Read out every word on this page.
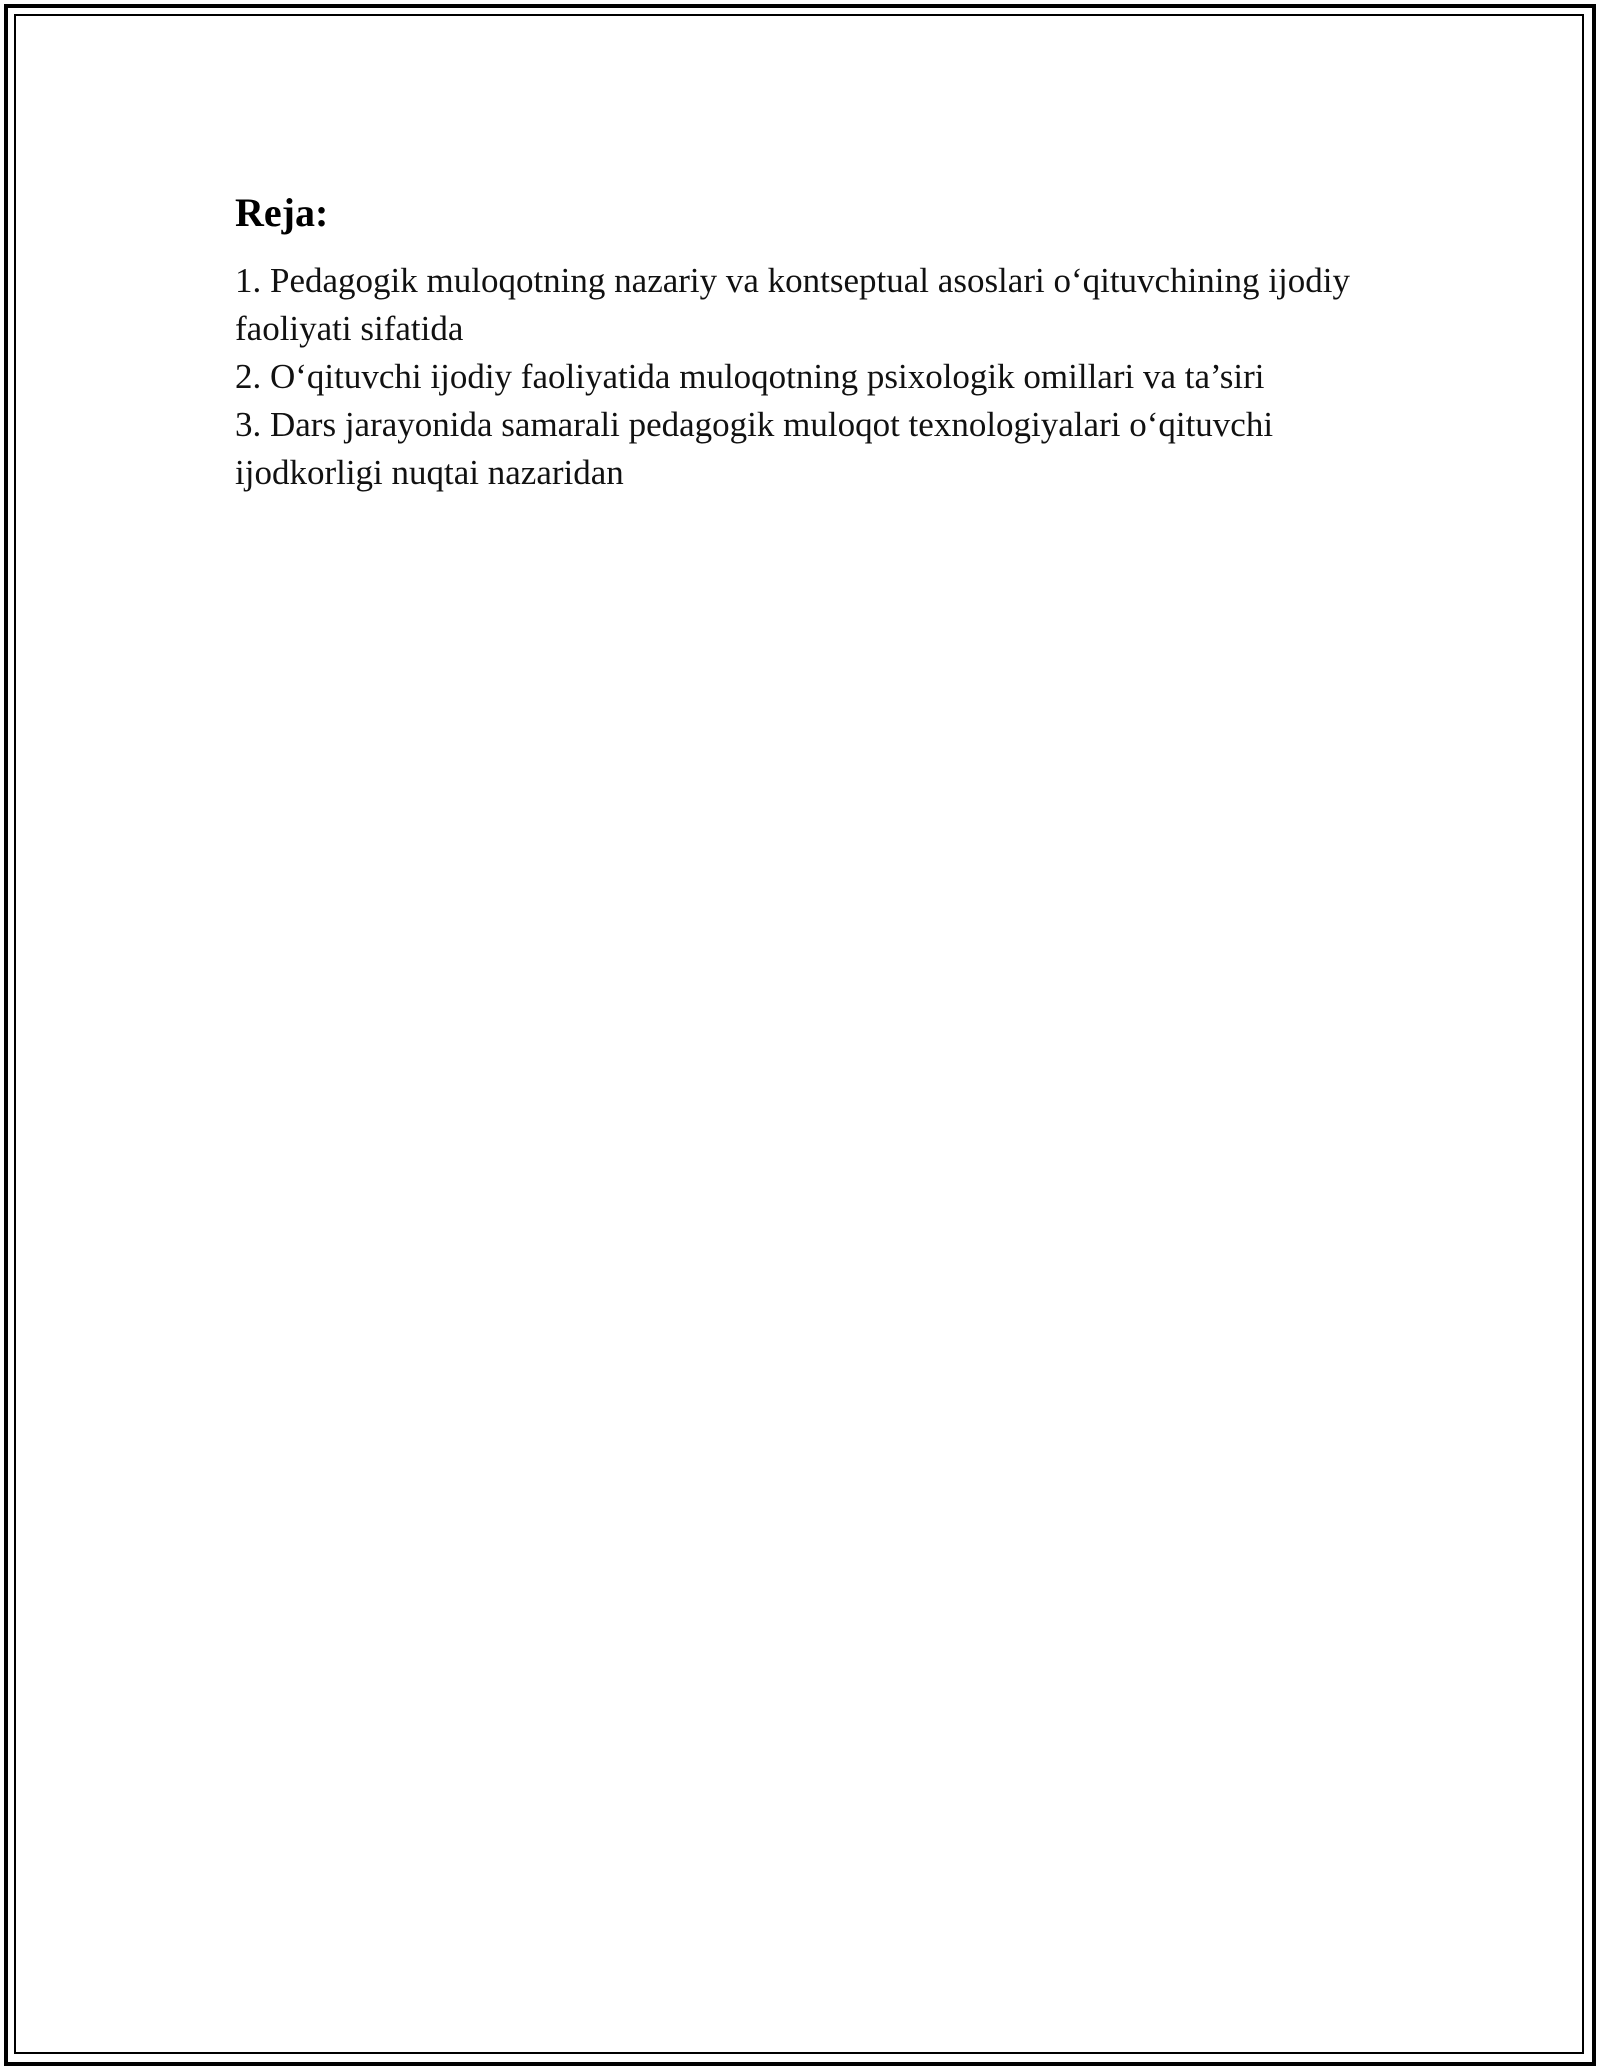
Reja:
1. Pedagogik muloqotning nazariy va kontseptual asoslari o‘qituvchining ijodiy faoliyati sifatida
2. O‘qituvchi ijodiy faoliyatida muloqotning psixologik omillari va ta’siri
3. Dars jarayonida samarali pedagogik muloqot texnologiyalari o‘qituvchi ijodkorligi nuqtai nazaridan
